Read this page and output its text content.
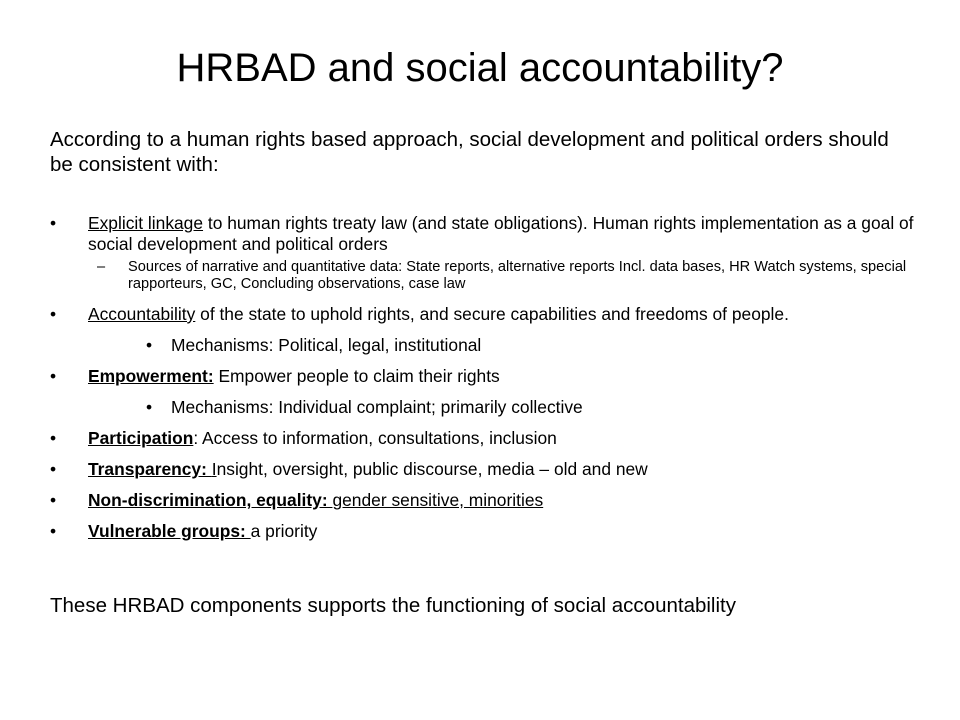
HRBAD and social accountability?
According to a human rights based approach, social development and political orders should be consistent with:
• Explicit linkage to human rights treaty law (and state obligations). Human rights implementation as a goal of social development and political orders
– Sources of narrative and quantitative data: State reports, alternative reports Incl. data bases, HR Watch systems, special rapporteurs, GC, Concluding observations, case law
• Accountability of the state to uphold rights, and secure capabilities and freedoms of people.
• Mechanisms: Political, legal, institutional
• Empowerment: Empower people to claim their rights
• Mechanisms: Individual complaint; primarily collective
• Participation: Access to information, consultations, inclusion
• Transparency: Insight, oversight, public discourse, media – old and new
• Non-discrimination, equality: gender sensitive, minorities
• Vulnerable groups: a priority
These HRBAD components supports the functioning of social accountability
